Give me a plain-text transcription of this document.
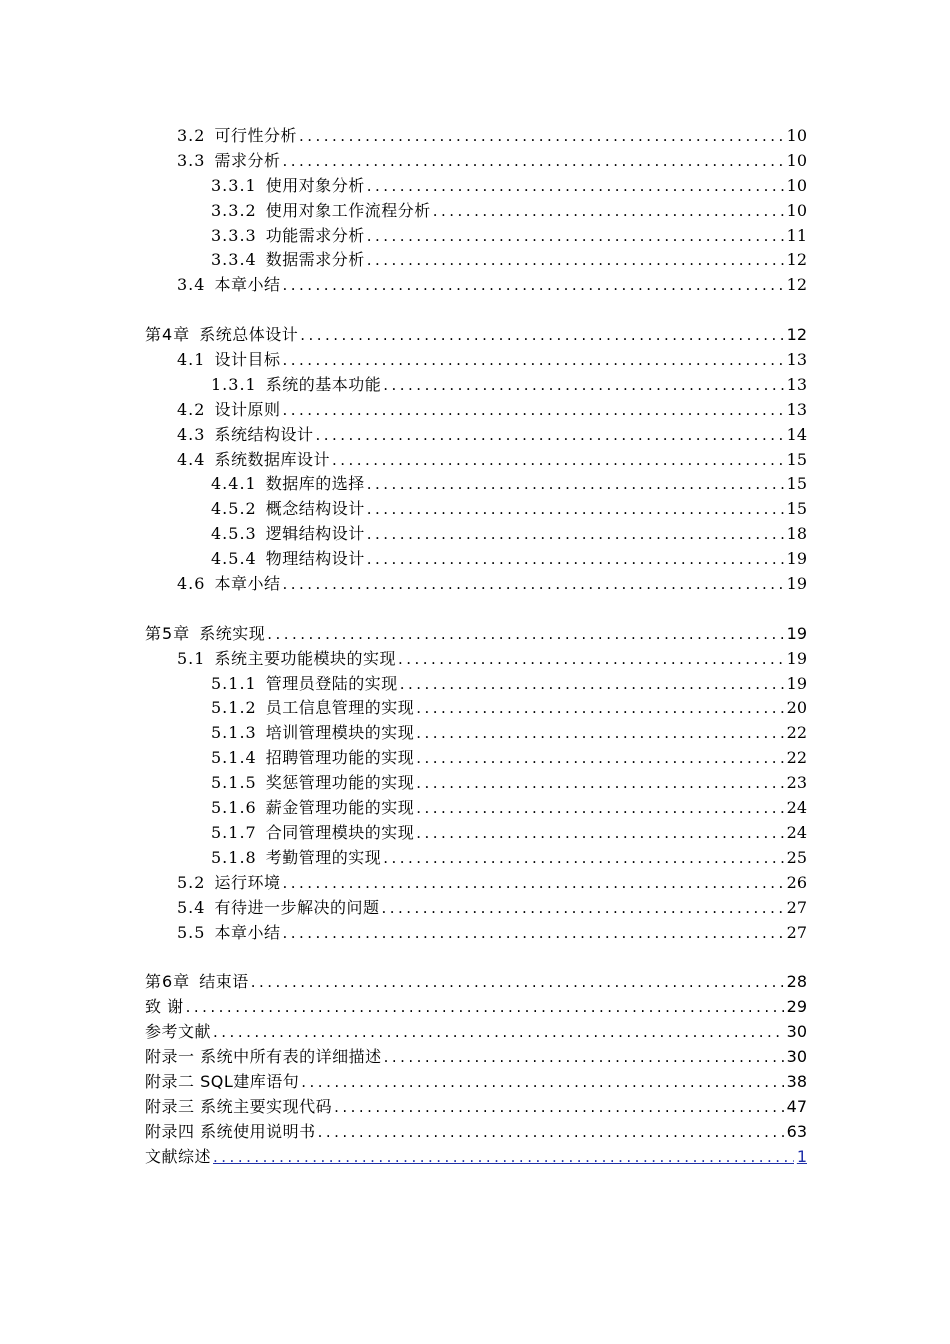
3.2 可行性分析 .....	10
3.3 需求分析 .....	10
3.3.1 使用对象分析 .....	10
3.3.2 使用对象工作流程分析 .....	10
3.3.3 功能需求分析 .....	11
3.3.4 数据需求分析 .....	12
3.4 本章小结 .....	12
第4章 系统总体设计 .....	12
4.1 设计目标 .....	13
1.3.1 系统的基本功能 .....	13
4.2 设计原则 .....	13
4.3 系统结构设计 .....	14
4.4 系统数据库设计 .....	15
4.4.1 数据库的选择 .....	15
4.5.2 概念结构设计 .....	15
4.5.3 逻辑结构设计 .....	18
4.5.4 物理结构设计 .....	19
4.6 本章小结 .....	19
第5章 系统实现 .....	19
5.1 系统主要功能模块的实现 .....	19
5.1.1 管理员登陆的实现 .....	19
5.1.2 员工信息管理的实现 .....	20
5.1.3 培训管理模块的实现 .....	22
5.1.4 招聘管理功能的实现 .....	22
5.1.5 奖惩管理功能的实现 .....	23
5.1.6 薪金管理功能的实现 .....	24
5.1.7 合同管理模块的实现 .....	24
5.1.8 考勤管理的实现 .....	25
5.2 运行环境 .....	26
5.4 有待进一步解决的问题 .....	27
5.5 本章小结 .....	27
第6章 结束语 .....	28
致 谢 .....	29
参考文献 .....	30
附录一 系统中所有表的详细描述 .....	30
附录二 SQL建库语句 .....	38
附录三 系统主要实现代码 .....	47
附录四 系统使用说明书 .....	63
文献综述 .....	1
